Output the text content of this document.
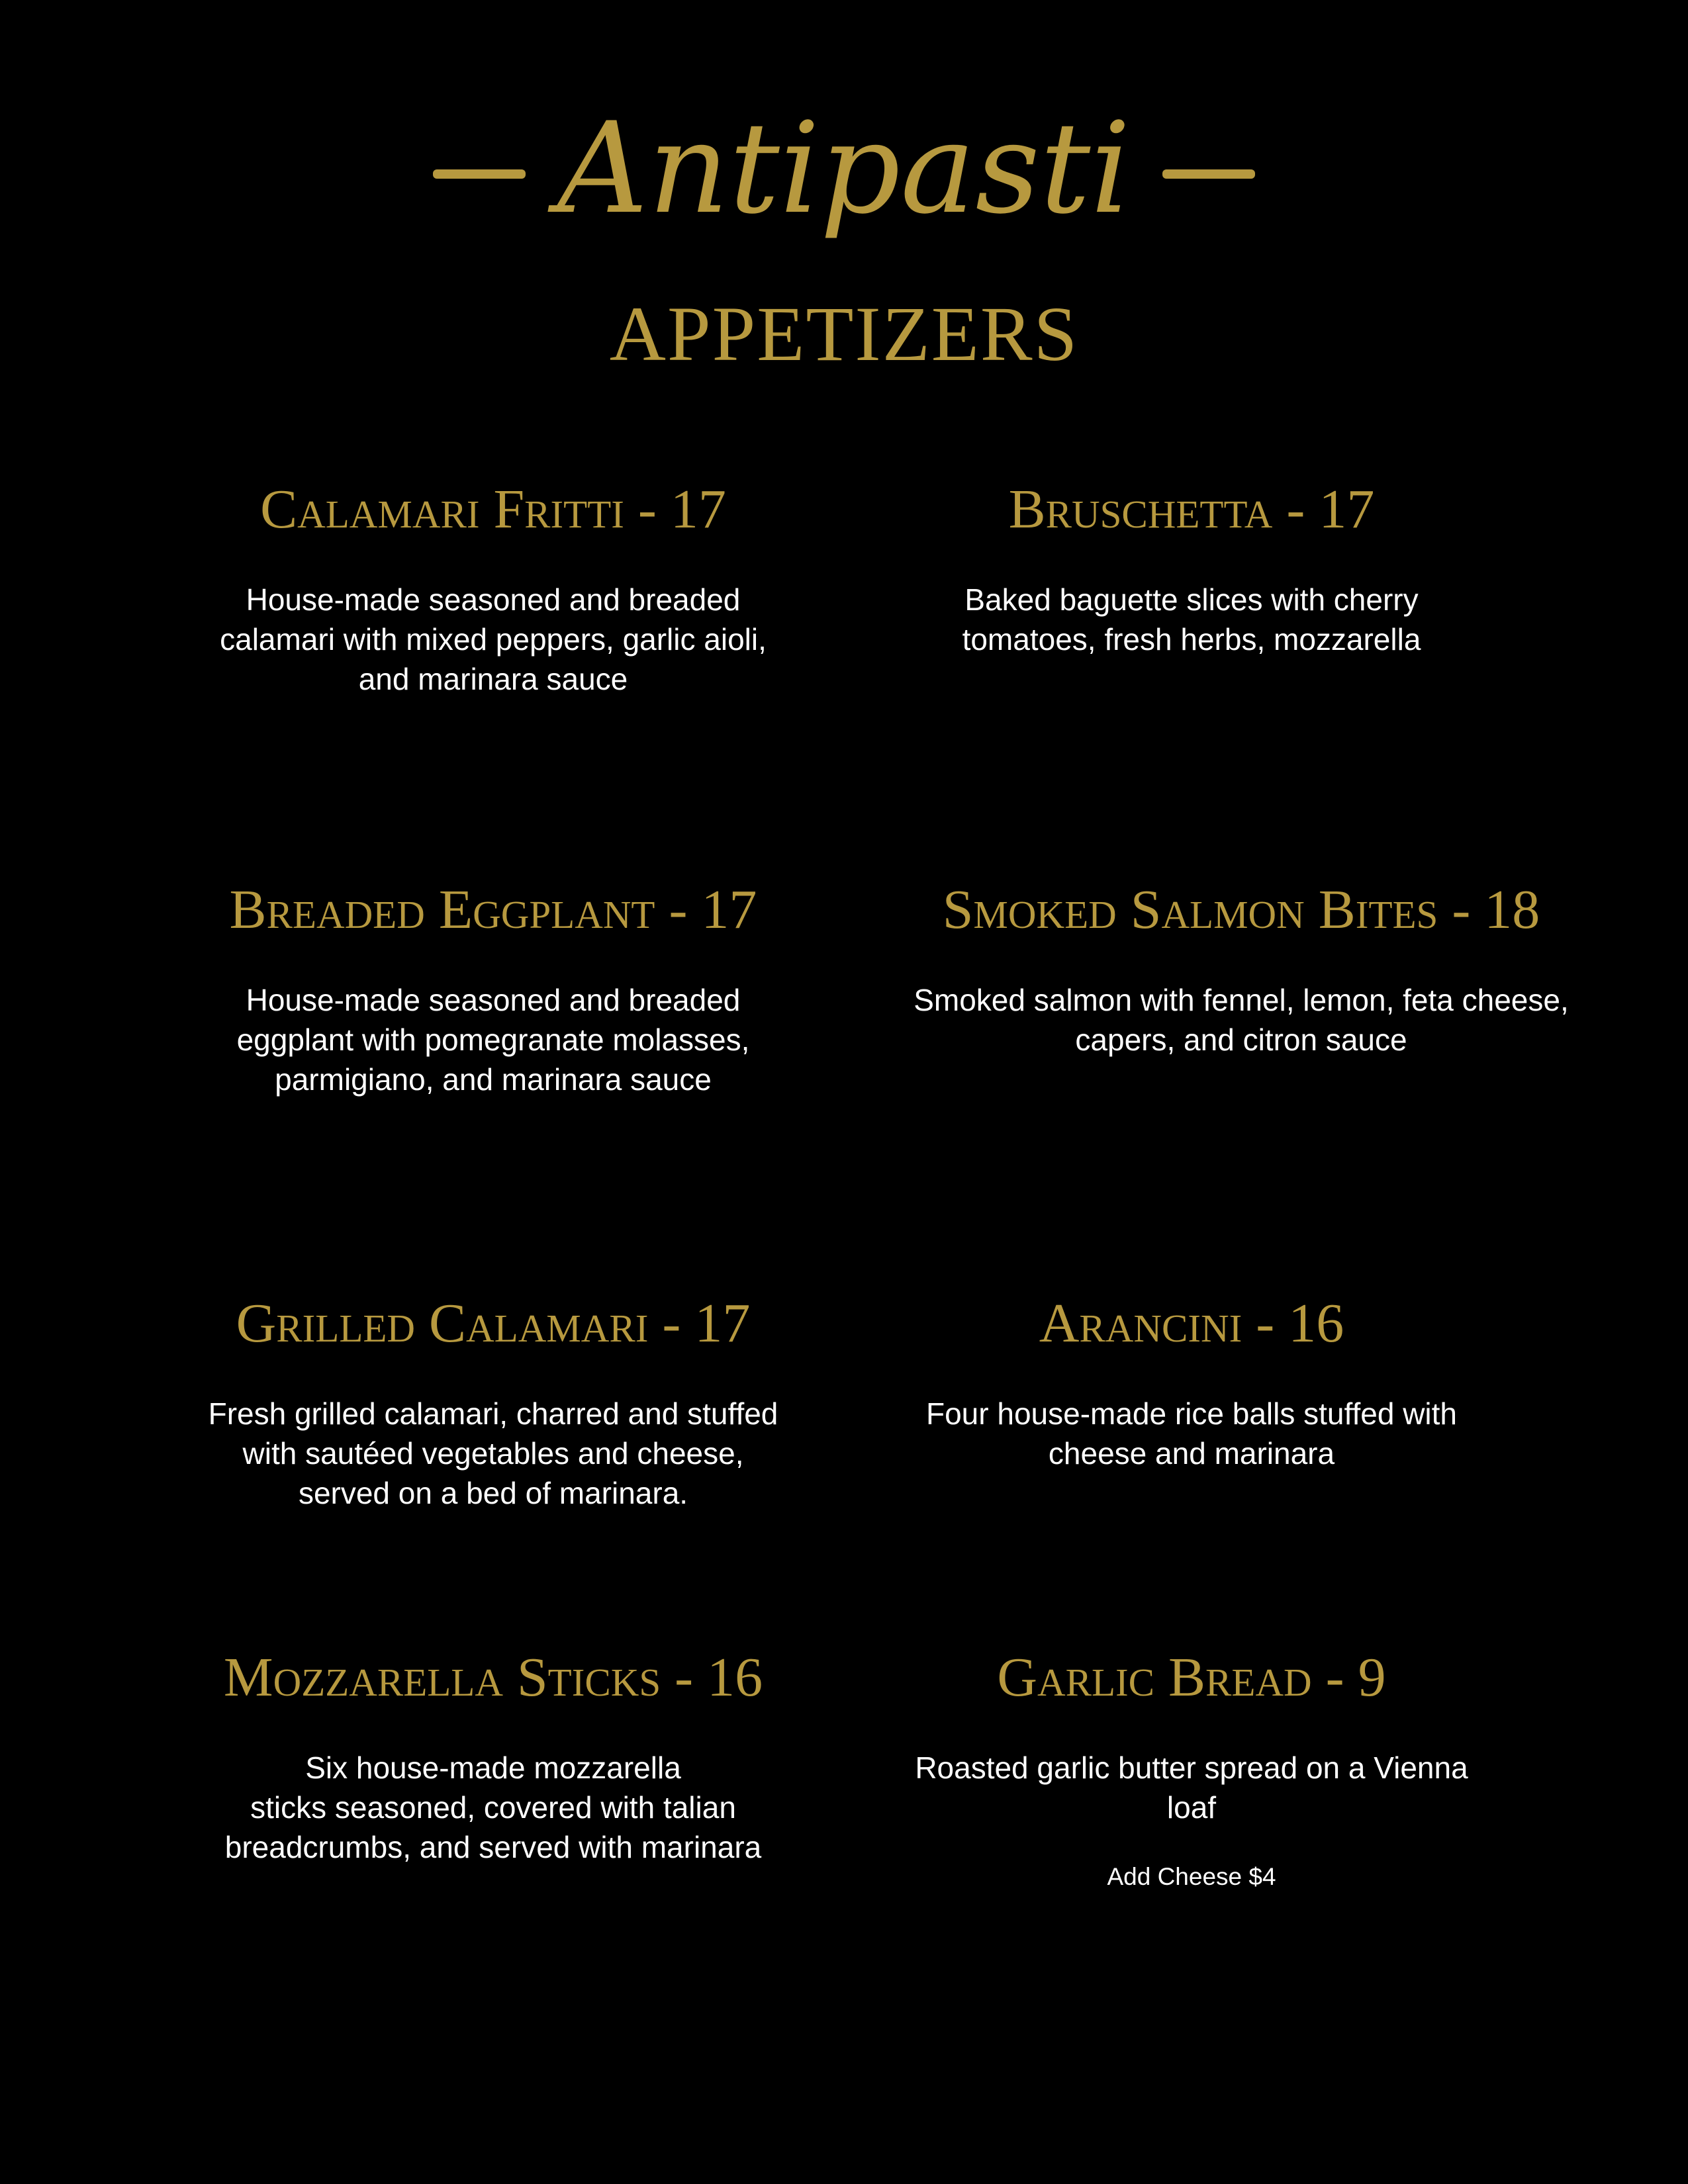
Antipasti
APPETIZERS
Calamari Fritti - 17
House-made seasoned and breaded
calamari with mixed peppers, garlic aioli,
and marinara sauce
Bruschetta - 17
Baked baguette slices with cherry
tomatoes, fresh herbs, mozzarella
Breaded Eggplant - 17
House-made seasoned and breaded
eggplant with pomegranate molasses,
parmigiano, and marinara sauce
Smoked Salmon Bites - 18
Smoked salmon with fennel, lemon, feta cheese,
capers, and citron sauce
Grilled Calamari - 17
Fresh grilled calamari, charred and stuffed
with sautéed vegetables and cheese,
served on a bed of marinara.
Arancini - 16
Four house-made rice balls stuffed with
cheese and marinara
Mozzarella Sticks - 16
Six house-made mozzarella
sticks seasoned, covered with talian
breadcrumbs, and served with marinara
Garlic Bread - 9
Roasted garlic butter spread on a Vienna
loaf
Add Cheese $4
